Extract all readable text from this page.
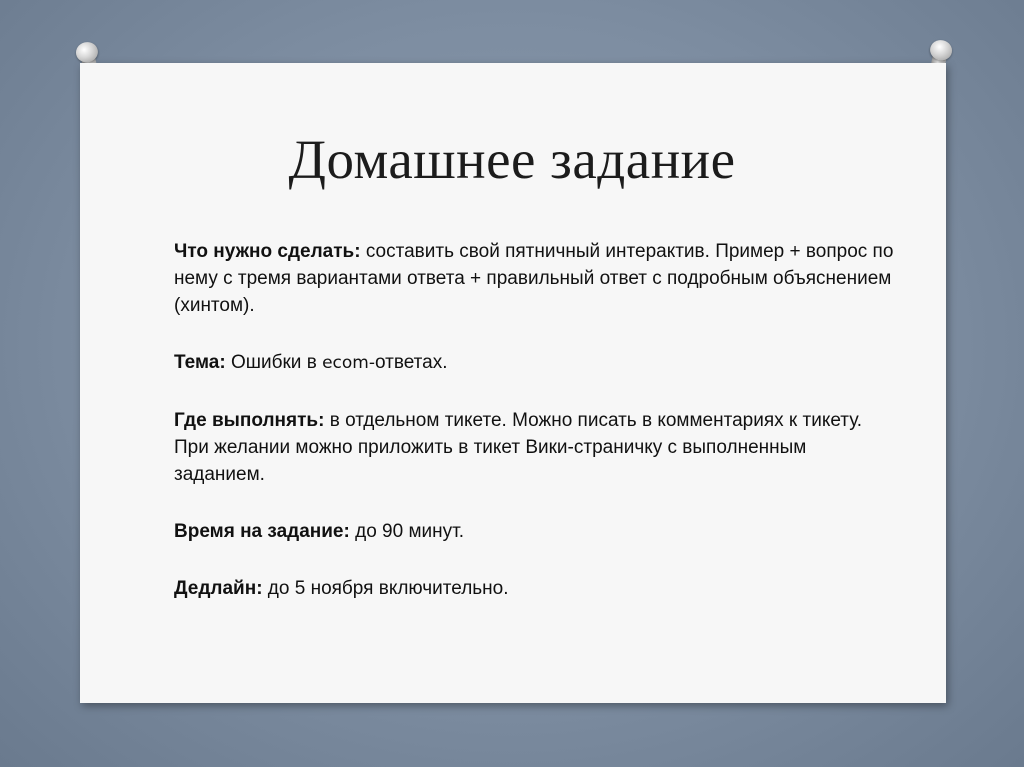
Домашнее задание

Что нужно сделать: составить свой пятничный интерактив. Пример + вопрос по нему с тремя вариантами ответа + правильный ответ с подробным объяснением (хинтом).

Тема: Ошибки в ecom-ответах.

Где выполнять: в отдельном тикете. Можно писать в комментариях к тикету. При желании можно приложить в тикет Вики-страничку с выполненным заданием.

Время на задание: до 90 минут.

Дедлайн: до 5 ноября включительно.
